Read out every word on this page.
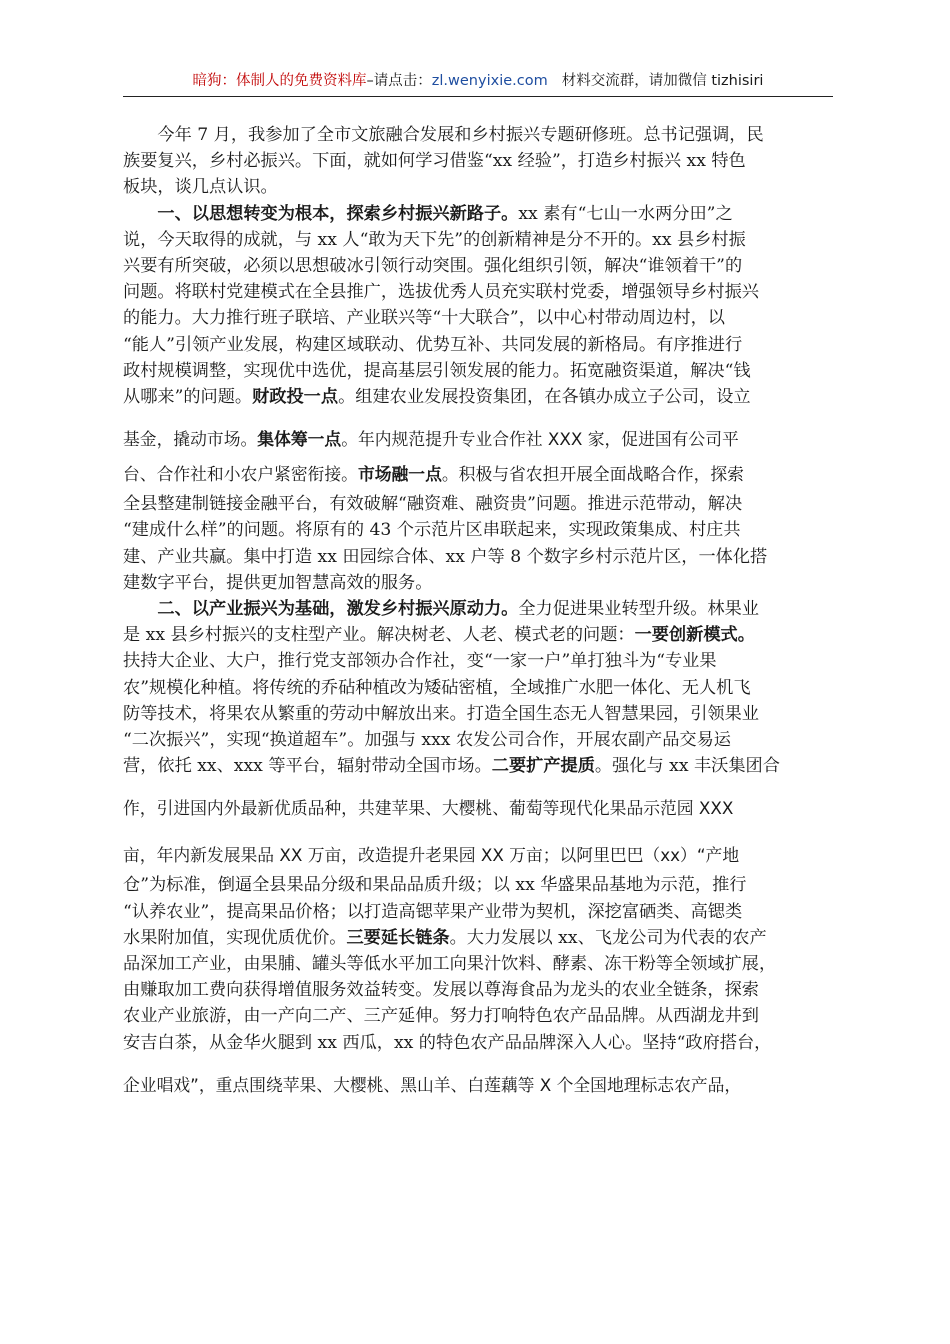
暗狗：体制人的免费资料库–请点击：zl.wenyixie.com 材料交流群，请加微信 tizhisiri

今年 7 月，我参加了全市文旅融合发展和乡村振兴专题研修班。总书记强调，民
族要复兴，乡村必振兴。下面，就如何学习借鉴“xx 经验”，打造乡村振兴 xx 特色
板块，谈几点认识。

一、以思想转变为根本，探索乡村振兴新路子。xx 素有“七山一水两分田”之
说，今天取得的成就，与 xx 人“敢为天下先”的创新精神是分不开的。xx 县乡村振
兴要有所突破，必须以思想破冰引领行动突围。强化组织引领，解决“谁领着干”的
问题。将联村党建模式在全县推广，选拔优秀人员充实联村党委，增强领导乡村振兴
的能力。大力推行班子联培、产业联兴等“十大联合”，以中心村带动周边村，以
“能人”引领产业发展，构建区域联动、优势互补、共同发展的新格局。有序推进行
政村规模调整，实现优中选优，提高基层引领发展的能力。拓宽融资渠道，解决“钱
从哪来”的问题。财政投一点。组建农业发展投资集团，在各镇办成立子公司，设立
基金，撬动市场。集体筹一点。年内规范提升专业合作社 XXX 家，促进国有公司平
台、合作社和小农户紧密衔接。市场融一点。积极与省农担开展全面战略合作，探索
全县整建制链接金融平台，有效破解“融资难、融资贵”问题。推进示范带动，解决
“建成什么样”的问题。将原有的 43 个示范片区串联起来，实现政策集成、村庄共
建、产业共赢。集中打造 xx 田园综合体、xx 户等 8 个数字乡村示范片区，一体化搭
建数字平台，提供更加智慧高效的服务。

二、以产业振兴为基础，激发乡村振兴原动力。全力促进果业转型升级。林果业
是 xx 县乡村振兴的支柱型产业。解决树老、人老、模式老的问题：一要创新模式。
扶持大企业、大户，推行党支部领办合作社，变“一家一户”单打独斗为“专业果
农”规模化种植。将传统的乔砧种植改为矮砧密植，全域推广水肥一体化、无人机飞
防等技术，将果农从繁重的劳动中解放出来。打造全国生态无人智慧果园，引领果业
“二次振兴”，实现“换道超车”。加强与 xxx 农发公司合作，开展农副产品交易运
营，依托 xx、xxx 等平台，辐射带动全国市场。二要扩产提质。强化与 xx 丰沃集团合
作，引进国内外最新优质品种，共建苹果、大樱桃、葡萄等现代化果品示范园 XXX
亩，年内新发展果品 XX 万亩，改造提升老果园 XX 万亩；以阿里巴巴（xx）“产地
仓”为标准，倒逼全县果品分级和果品品质升级；以 xx 华盛果品基地为示范，推行
“认养农业”，提高果品价格；以打造高锶苹果产业带为契机，深挖富硒类、高锶类
水果附加值，实现优质优价。三要延长链条。大力发展以 xx、飞龙公司为代表的农产
品深加工产业，由果脯、罐头等低水平加工向果汁饮料、酵素、冻干粉等全领域扩展，
由赚取加工费向获得增值服务效益转变。发展以尊海食品为龙头的农业全链条，探索
农业产业旅游，由一产向二产、三产延伸。努力打响特色农产品品牌。从西湖龙井到
安吉白茶，从金华火腿到 xx 西瓜，xx 的特色农产品品牌深入人心。坚持“政府搭台，
企业唱戏”，重点围绕苹果、大樱桃、黑山羊、白莲藕等 X 个全国地理标志农产品，
